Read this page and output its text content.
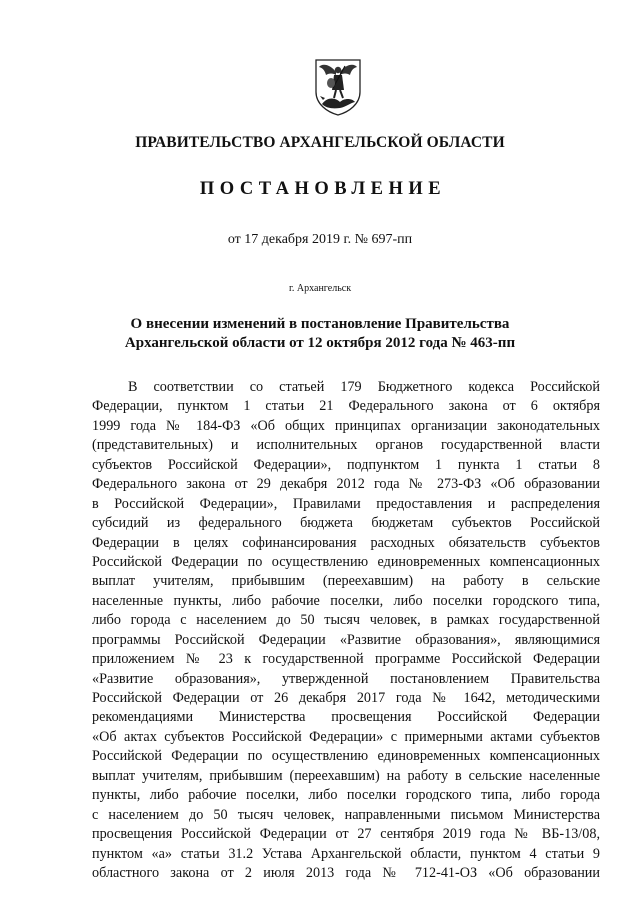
ПРАВИТЕЛЬСТВО АРХАНГЕЛЬСКОЙ ОБЛАСТИ
ПОСТАНОВЛЕНИЕ
от 17 декабря 2019 г. № 697-пп
г. Архангельск
О внесении изменений в постановление Правительства
Архангельской области от 12 октября 2012 года № 463-пп
В соответствии со статьей 179 Бюджетного кодекса Российской
Федерации, пунктом 1 статьи 21 Федерального закона от 6 октября
1999 года № 184-ФЗ «Об общих принципах организации законодательных
(представительных) и исполнительных органов государственной власти
субъектов Российской Федерации», подпунктом 1 пункта 1 статьи 8
Федерального закона от 29 декабря 2012 года № 273-ФЗ «Об образовании
в Российской Федерации», Правилами предоставления и распределения
субсидий из федерального бюджета бюджетам субъектов Российской
Федерации в целях софинансирования расходных обязательств субъектов
Российской Федерации по осуществлению единовременных компенсационных
выплат учителям, прибывшим (переехавшим) на работу в сельские
населенные пункты, либо рабочие поселки, либо поселки городского типа,
либо города с населением до 50 тысяч человек, в рамках государственной
программы Российской Федерации «Развитие образования», являющимися
приложением № 23 к государственной программе Российской Федерации
«Развитие образования», утвержденной постановлением Правительства
Российской Федерации от 26 декабря 2017 года № 1642, методическими
рекомендациями Министерства просвещения Российской Федерации
«Об актах субъектов Российской Федерации» с примерными актами субъектов
Российской Федерации по осуществлению единовременных компенсационных
выплат учителям, прибывшим (переехавшим) на работу в сельские населенные
пункты, либо рабочие поселки, либо поселки городского типа, либо города
с населением до 50 тысяч человек, направленными письмом Министерства
просвещения Российской Федерации от 27 сентября 2019 года № ВБ-13/08,
пунктом «а» статьи 31.2 Устава Архангельской области, пунктом 4 статьи 9
областного закона от 2 июля 2013 года № 712-41-ОЗ «Об образовании
